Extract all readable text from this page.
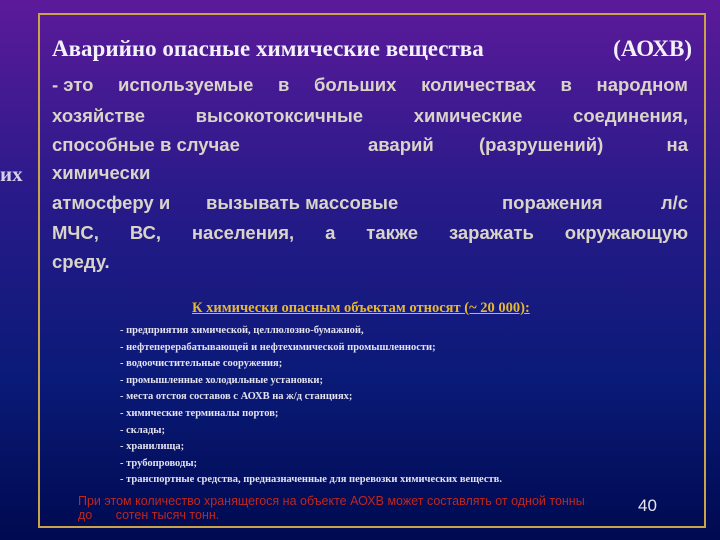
их
Аварийно опасные химические вещества	(АОХВ)
- это используемые в больших количествах в народном
хозяйстве	высокотоксичные	химические	соединения,
способные в случае	аварий (разрушений)	на
химически
атмосферу и вызывать массовые	поражения	л/с
МЧС, ВС, населения, а также заражать окружающую
среду.
К химически опасным объектам относят (~ 20 000):
- предприятия химической, целлюлозно-бумажной,
- нефтеперерабатывающей и нефтехимической промышленности;
- водоочистительные сооружения;
- промышленные холодильные установки;
- места отстоя составов с АОХВ на ж/д станциях;
- химические терминалы портов;
- склады;
- хранилища;
- трубопроводы;
- транспортные средства, предназначенные для перевозки химических веществ.
При этом количество хранящегося на объекте АОХВ может составлять от одной тонны
до сотен тысяч тонн.	40
